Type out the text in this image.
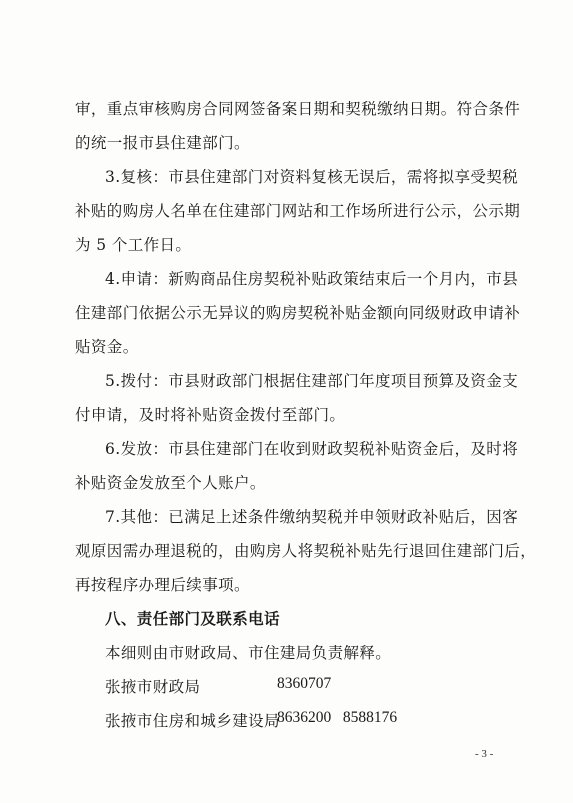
审，重点审核购房合同网签备案日期和契税缴纳日期。符合条件
的统一报市县住建部门。
3.复核：市县住建部门对资料复核无误后，需将拟享受契税
补贴的购房人名单在住建部门网站和工作场所进行公示，公示期
为 5 个工作日。
4.申请：新购商品住房契税补贴政策结束后一个月内，市县
住建部门依据公示无异议的购房契税补贴金额向同级财政申请补
贴资金。
5.拨付：市县财政部门根据住建部门年度项目预算及资金支
付申请，及时将补贴资金拨付至部门。
6.发放：市县住建部门在收到财政契税补贴资金后，及时将
补贴资金发放至个人账户。
7.其他：已满足上述条件缴纳契税并申领财政补贴后，因客
观原因需办理退税的，由购房人将契税补贴先行退回住建部门后，
再按程序办理后续事项。
八、责任部门及联系电话
本细则由市财政局、市住建局负责解释。
张掖市财政局	8360707
张掖市住房和城乡建设局
8636200   8588176
- 3 -
